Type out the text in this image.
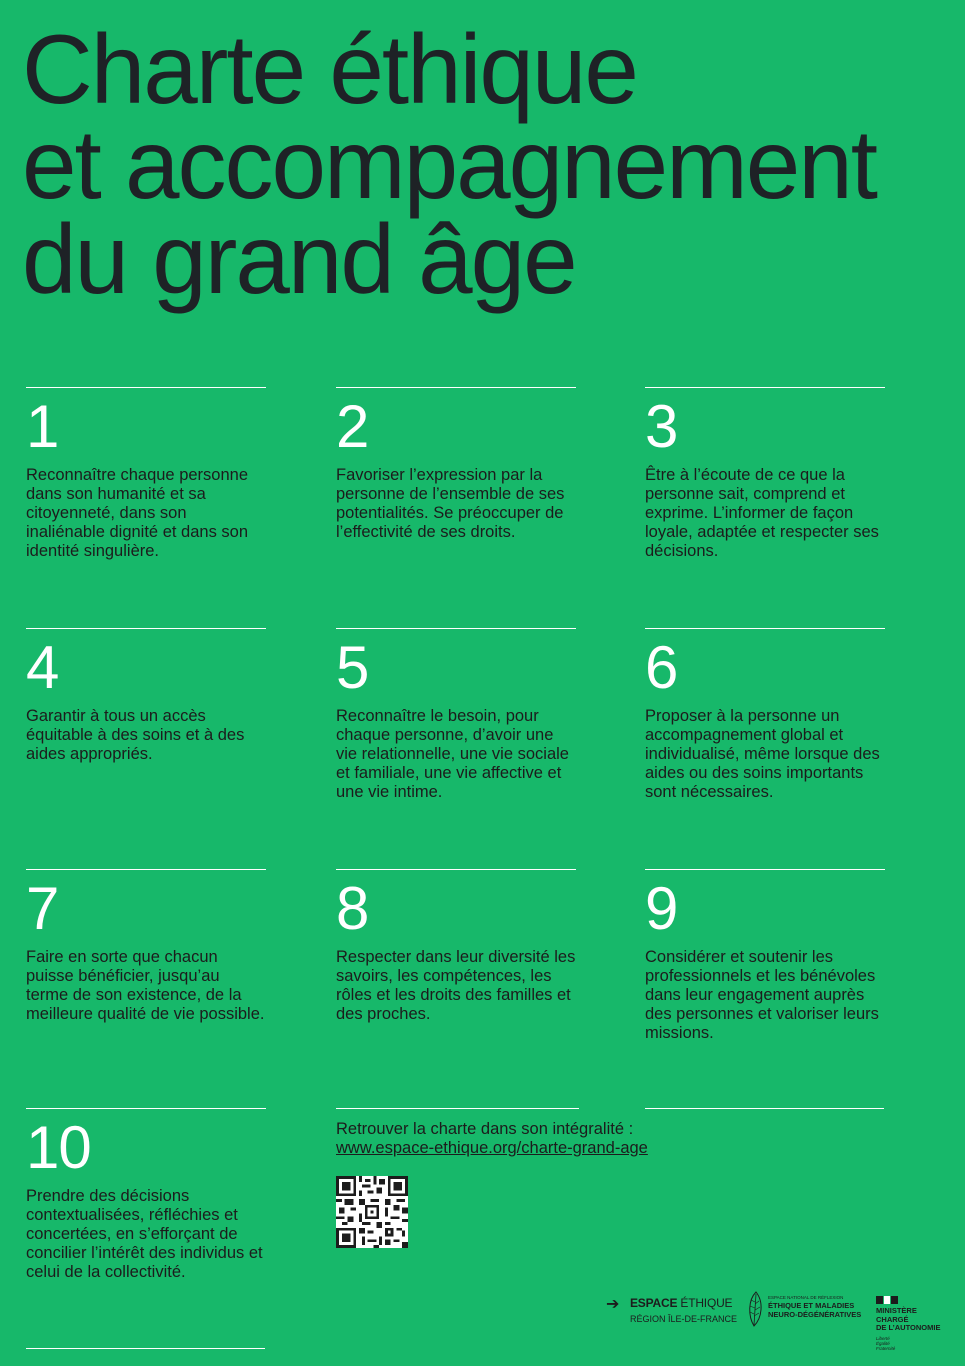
Charte éthique
et accompagnement
du grand âge
1
Reconnaître chaque personne dans son humanité et sa citoyenneté, dans son inaliénable dignité et dans son identité singulière.
2
Favoriser l’expression par la personne de l’ensemble de ses potentialités. Se préoccuper de l’effectivité de ses droits.
3
Être à l’écoute de ce que la personne sait, comprend et exprime. L’informer de façon loyale, adaptée et respecter ses décisions.
4
Garantir à tous un accès équitable à des soins et à des aides appropriés.
5
Reconnaître le besoin, pour chaque personne, d’avoir une vie relationnelle, une vie sociale et familiale, une vie affective et une vie intime.
6
Proposer à la personne un accompagnement global et individualisé, même lorsque des aides ou des soins importants sont nécessaires.
7
Faire en sorte que chacun puisse bénéficier, jusqu’au terme de son existence, de la meilleure qualité de vie possible.
8
Respecter dans leur diversité les savoirs, les compétences, les rôles et les droits des familles et des proches.
9
Considérer et soutenir les professionnels et les bénévoles dans leur engagement auprès des personnes et valoriser leurs missions.
10
Prendre des décisions contextualisées, réfléchies et concertées, en s’efforçant de concilier l’intérêt des individus et celui de la collectivité.
Retrouver la charte dans son intégralité :
www.espace-ethique.org/charte-grand-age
➔ ESPACE ÉTHIQUE
RÉGION ÎLE-DE-FRANCE
ESPACE NATIONAL DE RÉFLEXION
ÉTHIQUE ET MALADIES
NEURO-DÉGÉNÉRATIVES MINISTÈRE
CHARGÉ
DE L’AUTONOMIE
Liberté
Égalité
Fraternité
